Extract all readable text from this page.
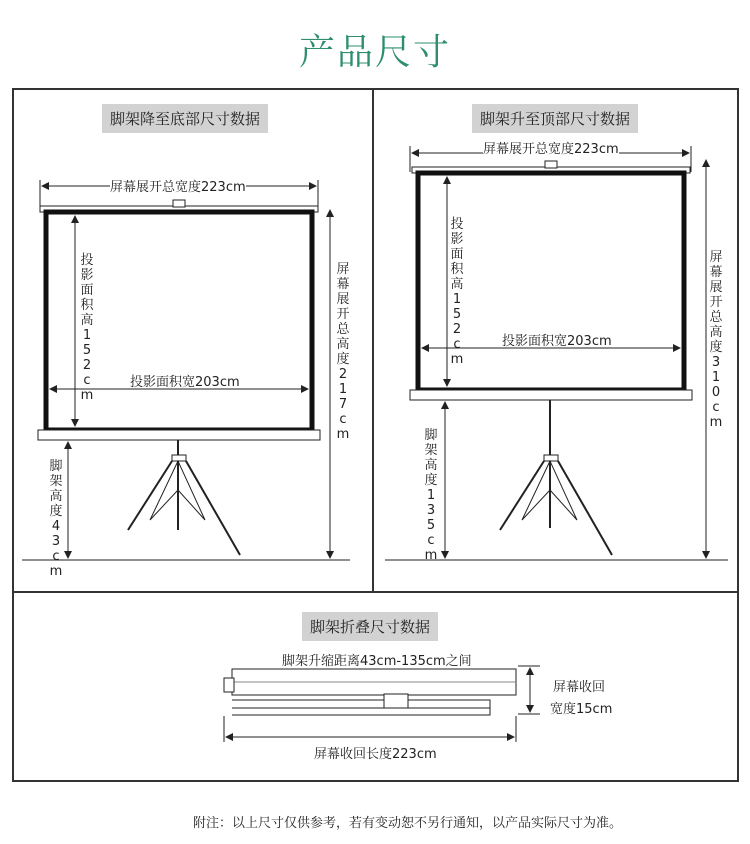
产品尺寸
脚架降至底部尺寸数据
屏幕展开总宽度223cm
投影面积高152cm
投影面积宽203cm
屏幕展开总高度217cm
脚架高度43cm
脚架升至顶部尺寸数据
屏幕展开总宽度223cm
投影面积高152cm
投影面积宽203cm
屏幕展开总高度310cm
脚架高度135cm
脚架折叠尺寸数据
脚架升缩距离43cm-135cm之间
屏幕收回
宽度15cm
屏幕收回长度223cm
附注：以上尺寸仅供参考，若有变动恕不另行通知，以产品实际尺寸为准。
